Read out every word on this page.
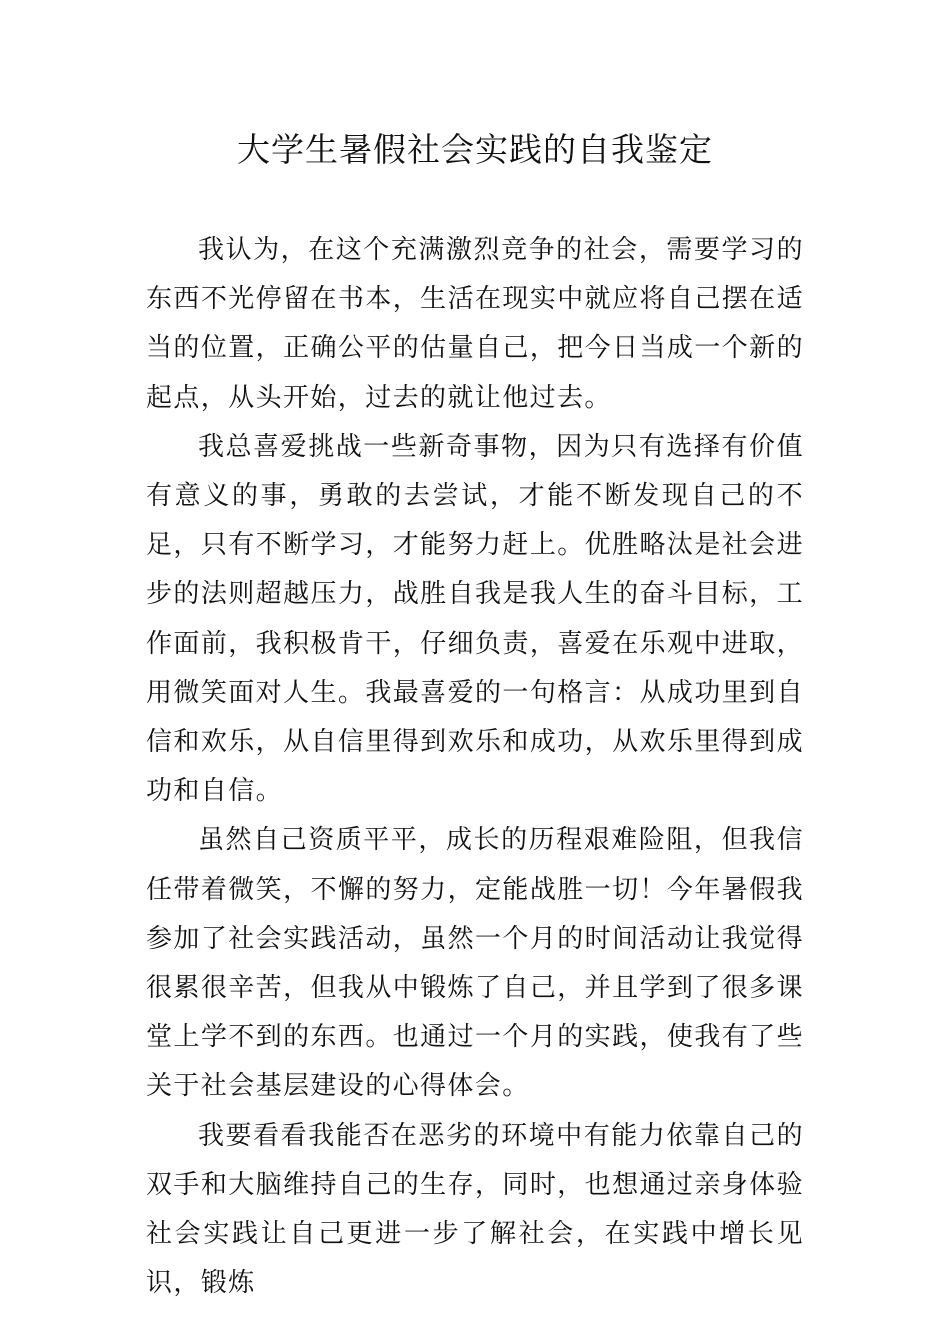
大学生暑假社会实践的自我鉴定

我认为，在这个充满激烈竞争的社会，需要学习的东西不光停留在书本，生活在现实中就应将自己摆在适当的位置，正确公平的估量自己，把今日当成一个新的起点，从头开始，过去的就让他过去。

我总喜爱挑战一些新奇事物，因为只有选择有价值有意义的事，勇敢的去尝试，才能不断发现自己的不足，只有不断学习，才能努力赶上。优胜略汰是社会进步的法则超越压力，战胜自我是我人生的奋斗目标，工作面前，我积极肯干，仔细负责，喜爱在乐观中进取，用微笑面对人生。我最喜爱的一句格言：从成功里到自信和欢乐，从自信里得到欢乐和成功，从欢乐里得到成功和自信。

虽然自己资质平平，成长的历程艰难险阻，但我信任带着微笑，不懈的努力，定能战胜一切！今年暑假我参加了社会实践活动，虽然一个月的时间活动让我觉得很累很辛苦，但我从中锻炼了自己，并且学到了很多课堂上学不到的东西。也通过一个月的实践，使我有了些关于社会基层建设的心得体会。

我要看看我能否在恶劣的环境中有能力依靠自己的双手和大脑维持自己的生存，同时，也想通过亲身体验社会实践让自己更进一步了解社会，在实践中增长见识，锻炼
